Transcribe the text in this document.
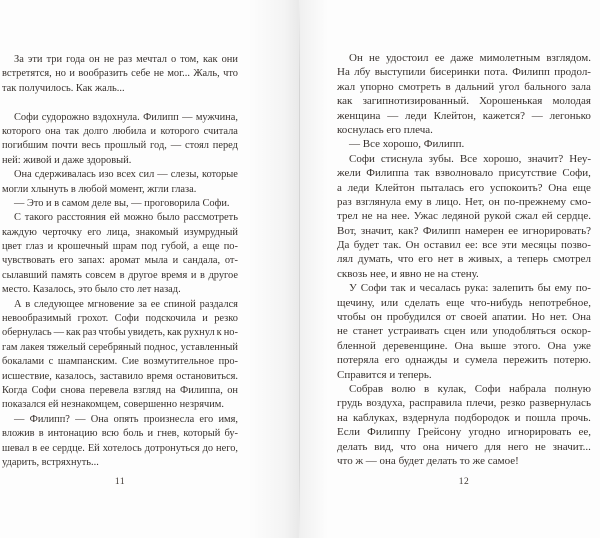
За эти три года он не раз мечтал о том, как они
встретятся, но и вообразить себе не мог... Жаль, что
так получилось. Как жаль...
Софи судорожно вздохнула. Филипп — мужчина,
которого она так долго любила и которого считала
погибшим почти весь прошлый год, — стоял перед
ней: живой и даже здоровый.
Она сдерживалась изо всех сил — слезы, которые
могли хлынуть в любой момент, жгли глаза.
— Это и в самом деле вы, — проговорила Софи.
С такого расстояния ей можно было рассмотреть
каждую черточку его лица, знакомый изумрудный
цвет глаз и крошечный шрам под губой, а еще по-
чувствовать его запах: аромат мыла и сандала, от-
сылавший память совсем в другое время и в другое
место. Казалось, это было сто лет назад.
А в следующее мгновение за ее спиной раздался
невообразимый грохот. Софи подскочила и резко
обернулась — как раз чтобы увидеть, как рухнул к но-
гам лакея тяжелый серебряный поднос, уставленный
бокалами с шампанским. Сие возмутительное про-
исшествие, казалось, заставило время остановиться.
Когда Софи снова перевела взгляд на Филиппа, он
показался ей незнакомцем, совершенно незрячим.
— Филипп? — Она опять произнесла его имя,
вложив в интонацию всю боль и гнев, который бу-
шевал в ее сердце. Ей хотелось дотронуться до него,
ударить, встряхнуть...
11
Он не удостоил ее даже мимолетным взглядом.
На лбу выступили бисеринки пота. Филипп продол-
жал упорно смотреть в дальний угол бального зала
как загипнотизированный. Хорошенькая молодая
женщина — леди Клейтон, кажется? — легонько
коснулась его плеча.
— Все хорошо, Филипп.
Софи стиснула зубы. Все хорошо, значит? Неу-
жели Филиппа так взволновало присутствие Софи,
а леди Клейтон пыталась его успокоить? Она еще
раз взглянула ему в лицо. Нет, он по-прежнему смо-
трел не на нее. Ужас ледяной рукой сжал ей сердце.
Вот, значит, как? Филипп намерен ее игнорировать?
Да будет так. Он оставил ее: все эти месяцы позво-
лял думать, что его нет в живых, а теперь смотрел
сквозь нее, и явно не на стену.
У Софи так и чесалась рука: залепить бы ему по-
щечину, или сделать еще что-нибудь непотребное,
чтобы он пробудился от своей апатии. Но нет. Она
не станет устраивать сцен или уподобляться оскор-
бленной деревенщине. Она выше этого. Она уже
потеряла его однажды и сумела пережить потерю.
Справится и теперь.
Собрав волю в кулак, Софи набрала полную
грудь воздуха, расправила плечи, резко развернулась
на каблуках, вздернула подбородок и пошла прочь.
Если Филиппу Грейсону угодно игнорировать ее,
делать вид, что она ничего для него не значит...
что ж — она будет делать то же самое!
12
